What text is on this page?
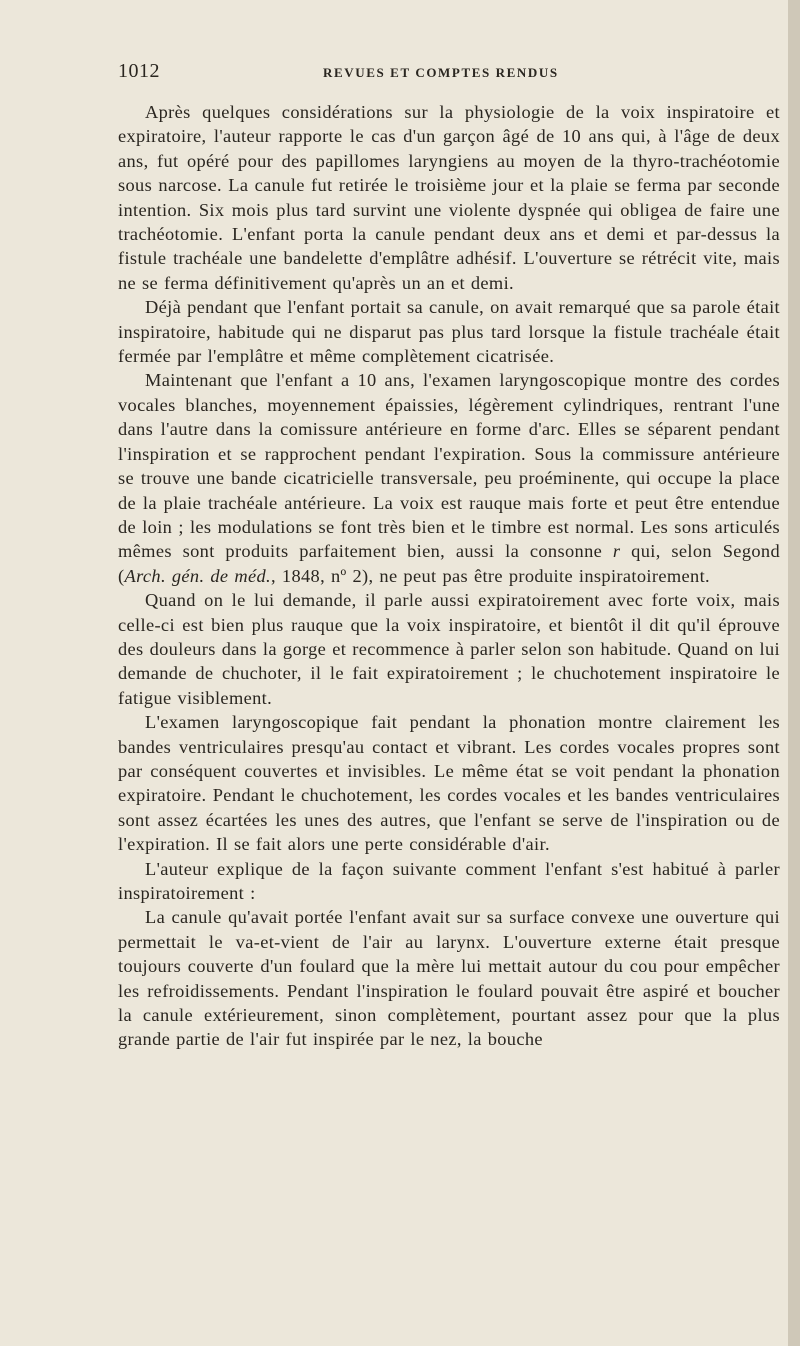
1012	REVUES ET COMPTES RENDUS

Après quelques considérations sur la physiologie de la voix inspiratoire et expiratoire, l'auteur rapporte le cas d'un garçon âgé de 10 ans qui, à l'âge de deux ans, fut opéré pour des papillomes laryngiens au moyen de la thyro-trachéotomie sous narcose. La canule fut retirée le troisième jour et la plaie se ferma par seconde intention. Six mois plus tard survint une violente dyspnée qui obligea de faire une trachéotomie. L'enfant porta la canule pendant deux ans et demi et par-dessus la fistule trachéale une bandelette d'emplâtre adhésif. L'ouverture se rétrécit vite, mais ne se ferma définitivement qu'après un an et demi.

Déjà pendant que l'enfant portait sa canule, on avait remarqué que sa parole était inspiratoire, habitude qui ne disparut pas plus tard lorsque la fistule trachéale était fermée par l'emplâtre et même complètement cicatrisée.

Maintenant que l'enfant a 10 ans, l'examen laryngoscopique montre des cordes vocales blanches, moyennement épaissies, légèrement cylindriques, rentrant l'une dans l'autre dans la comissure antérieure en forme d'arc. Elles se séparent pendant l'inspiration et se rapprochent pendant l'expiration. Sous la commissure antérieure se trouve une bande cicatricielle transversale, peu proéminente, qui occupe la place de la plaie trachéale antérieure. La voix est rauque mais forte et peut être entendue de loin ; les modulations se font très bien et le timbre est normal. Les sons articulés mêmes sont produits parfaitement bien, aussi la consonne r qui, selon Segond (Arch. gén. de méd., 1848, nº 2), ne peut pas être produite inspiratoirement.

Quand on le lui demande, il parle aussi expiratoirement avec forte voix, mais celle-ci est bien plus rauque que la voix inspiratoire, et bientôt il dit qu'il éprouve des douleurs dans la gorge et recommence à parler selon son habitude. Quand on lui demande de chuchoter, il le fait expiratoirement ; le chuchotement inspiratoire le fatigue visiblement.

L'examen laryngoscopique fait pendant la phonation montre clairement les bandes ventriculaires presqu'au contact et vibrant. Les cordes vocales propres sont par conséquent couvertes et invisibles. Le même état se voit pendant la phonation expiratoire. Pendant le chuchotement, les cordes vocales et les bandes ventriculaires sont assez écartées les unes des autres, que l'enfant se serve de l'inspiration ou de l'expiration. Il se fait alors une perte considérable d'air.

L'auteur explique de la façon suivante comment l'enfant s'est habitué à parler inspiratoirement :

La canule qu'avait portée l'enfant avait sur sa surface convexe une ouverture qui permettait le va-et-vient de l'air au larynx. L'ouverture externe était presque toujours couverte d'un foulard que la mère lui mettait autour du cou pour empêcher les refroidissements. Pendant l'inspiration le foulard pouvait être aspiré et boucher la canule extérieurement, sinon complètement, pourtant assez pour que la plus grande partie de l'air fut inspirée par le nez, la bouche
